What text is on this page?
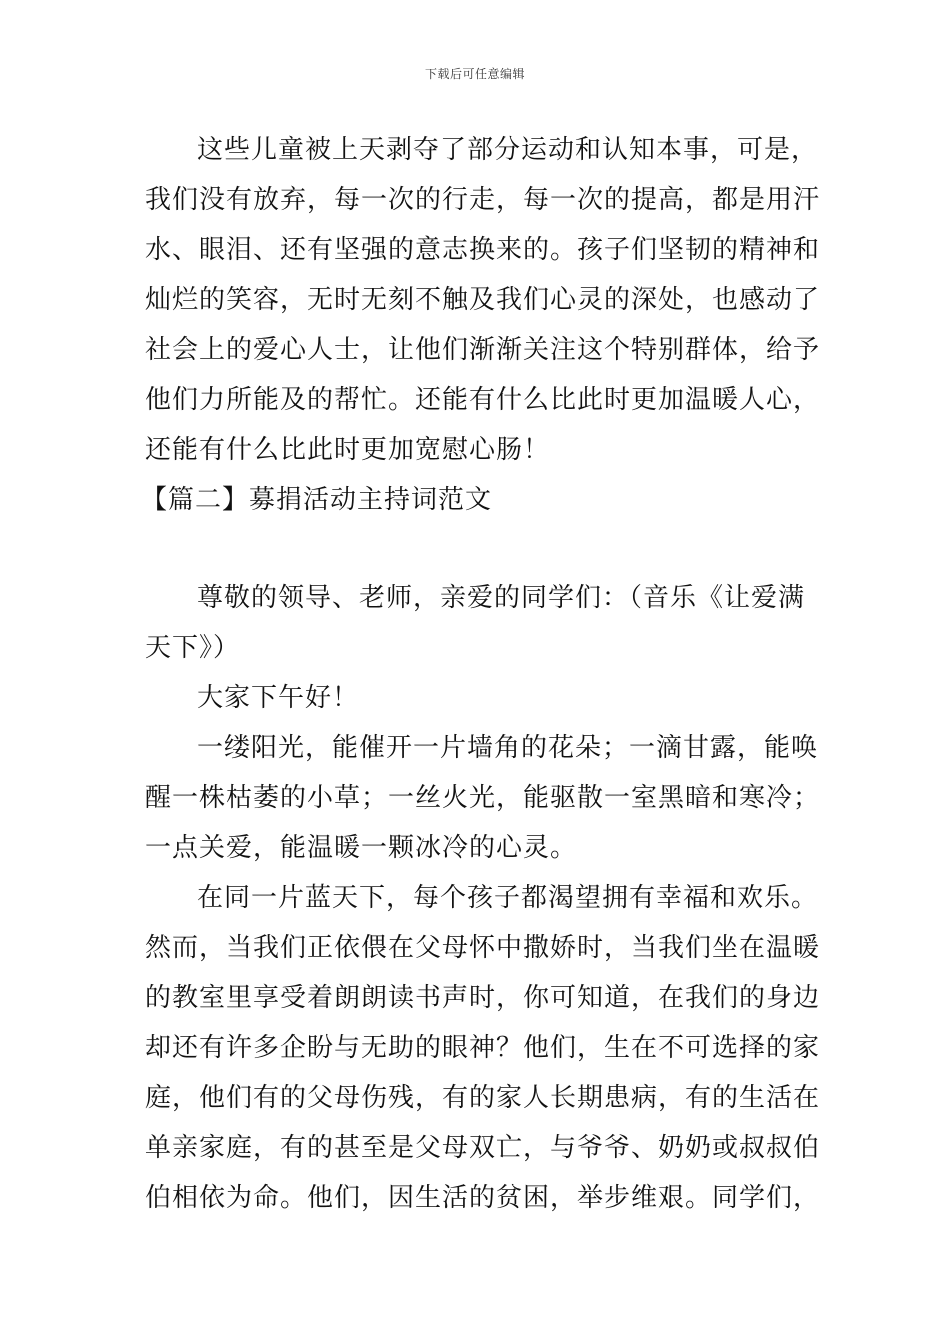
下载后可任意编辑
这些儿童被上天剥夺了部分运动和认知本事，可是，
我们没有放弃，每一次的行走，每一次的提高，都是用汗
水、眼泪、还有坚强的意志换来的。孩子们坚韧的精神和
灿烂的笑容，无时无刻不触及我们心灵的深处，也感动了
社会上的爱心人士，让他们渐渐关注这个特别群体，给予
他们力所能及的帮忙。还能有什么比此时更加温暖人心，
还能有什么比此时更加宽慰心肠！
【篇二】募捐活动主持词范文
尊敬的领导、老师，亲爱的同学们：（音乐《让爱满
天下》）
大家下午好！
一缕阳光，能催开一片墙角的花朵；一滴甘露，能唤
醒一株枯萎的小草；一丝火光，能驱散一室黑暗和寒冷；
一点关爱，能温暖一颗冰冷的心灵。
在同一片蓝天下，每个孩子都渴望拥有幸福和欢乐。
然而，当我们正依偎在父母怀中撒娇时，当我们坐在温暖
的教室里享受着朗朗读书声时，你可知道，在我们的身边
却还有许多企盼与无助的眼神？他们，生在不可选择的家
庭，他们有的父母伤残，有的家人长期患病，有的生活在
单亲家庭，有的甚至是父母双亡，与爷爷、奶奶或叔叔伯
伯相依为命。他们，因生活的贫困，举步维艰。同学们，
